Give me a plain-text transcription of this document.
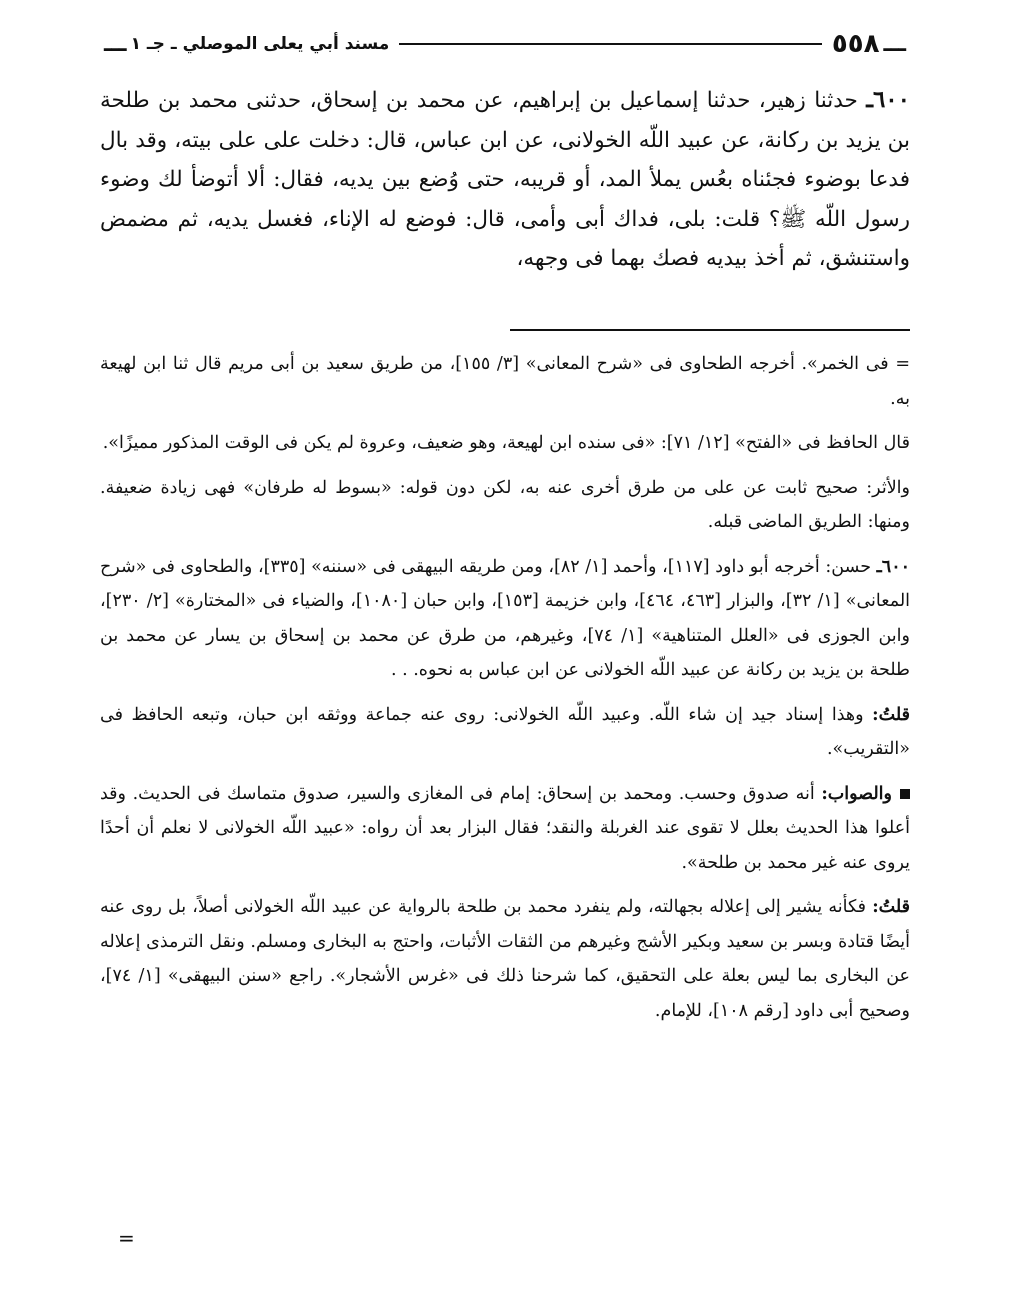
ـــ
٥٥٨
مسند أبي يعلى الموصلي ـ جـ ١
ـــ
٦٠٠ـ حدثنا زهير، حدثنا إسماعيل بن إبراهيم، عن محمد بن إسحاق، حدثنى محمد بن طلحة بن يزيد بن ركانة، عن عبيد اللّه الخولانى، عن ابن عباس، قال: دخلت على على بيته، وقد بال فدعا بوضوء فجئناه بعُس يملأ المد، أو قريبه، حتى وُضع بين يديه، فقال: ألا أتوضأ لك وضوء رسول اللّه ﷺ؟ قلت: بلى، فداك أبى وأمى، قال: فوضع له الإناء، فغسل يديه، ثم مضمض واستنشق، ثم أخذ بيديه فصك بهما فى وجهه،

= فى الخمر». أخرجه الطحاوى فى «شرح المعانى» [٣/ ١٥٥]، من طريق سعيد بن أبى مريم قال ثنا ابن لهيعة به.

قال الحافظ فى «الفتح» [١٢/ ٧١]: «فى سنده ابن لهيعة، وهو ضعيف، وعروة لم يكن فى الوقت المذكور مميزًا».

والأثر: صحيح ثابت عن على من طرق أخرى عنه به، لكن دون قوله: «بسوط له طرفان» فهى زيادة ضعيفة. ومنها: الطريق الماضى قبله.

٦٠٠ـ حسن: أخرجه أبو داود [١١٧]، وأحمد [١/ ٨٢]، ومن طريقه البيهقى فى «سننه» [٣٣٥]، والطحاوى فى «شرح المعانى» [١/ ٣٢]، والبزار [٤٦٣، ٤٦٤]، وابن خزيمة [١٥٣]، وابن حبان [١٠٨٠]، والضياء فى «المختارة» [٢/ ٢٣٠]، وابن الجوزى فى «العلل المتناهية» [١/ ٧٤]، وغيرهم، من طرق عن محمد بن إسحاق بن يسار عن محمد بن طلحة بن يزيد بن ركانة عن عبيد اللّه الخولانى عن ابن عباس به نحوه. . .

قلتُ: وهذا إسناد جيد إن شاء اللّه. وعبيد اللّه الخولانى: روى عنه جماعة ووثقه ابن حبان، وتبعه الحافظ فى «التقريب».

والصواب: أنه صدوق وحسب. ومحمد بن إسحاق: إمام فى المغازى والسير، صدوق متماسك فى الحديث. وقد أعلوا هذا الحديث بعلل لا تقوى عند الغربلة والنقد؛ فقال البزار بعد أن رواه: «عبيد اللّه الخولانى لا نعلم أن أحدًا يروى عنه غير محمد بن طلحة».

قلتُ: فكأنه يشير إلى إعلاله بجهالته، ولم ينفرد محمد بن طلحة بالرواية عن عبيد اللّه الخولانى أصلاً، بل روى عنه أيضًا قتادة وبسر بن سعيد وبكير الأشج وغيرهم من الثقات الأثبات، واحتج به البخارى ومسلم. ونقل الترمذى إعلاله عن البخارى بما ليس بعلة على التحقيق، كما شرحنا ذلك فى «غرس الأشجار». راجع «سنن البيهقى» [١/ ٧٤]، وصحيح أبى داود [رقم ١٠٨]، للإمام.

=
